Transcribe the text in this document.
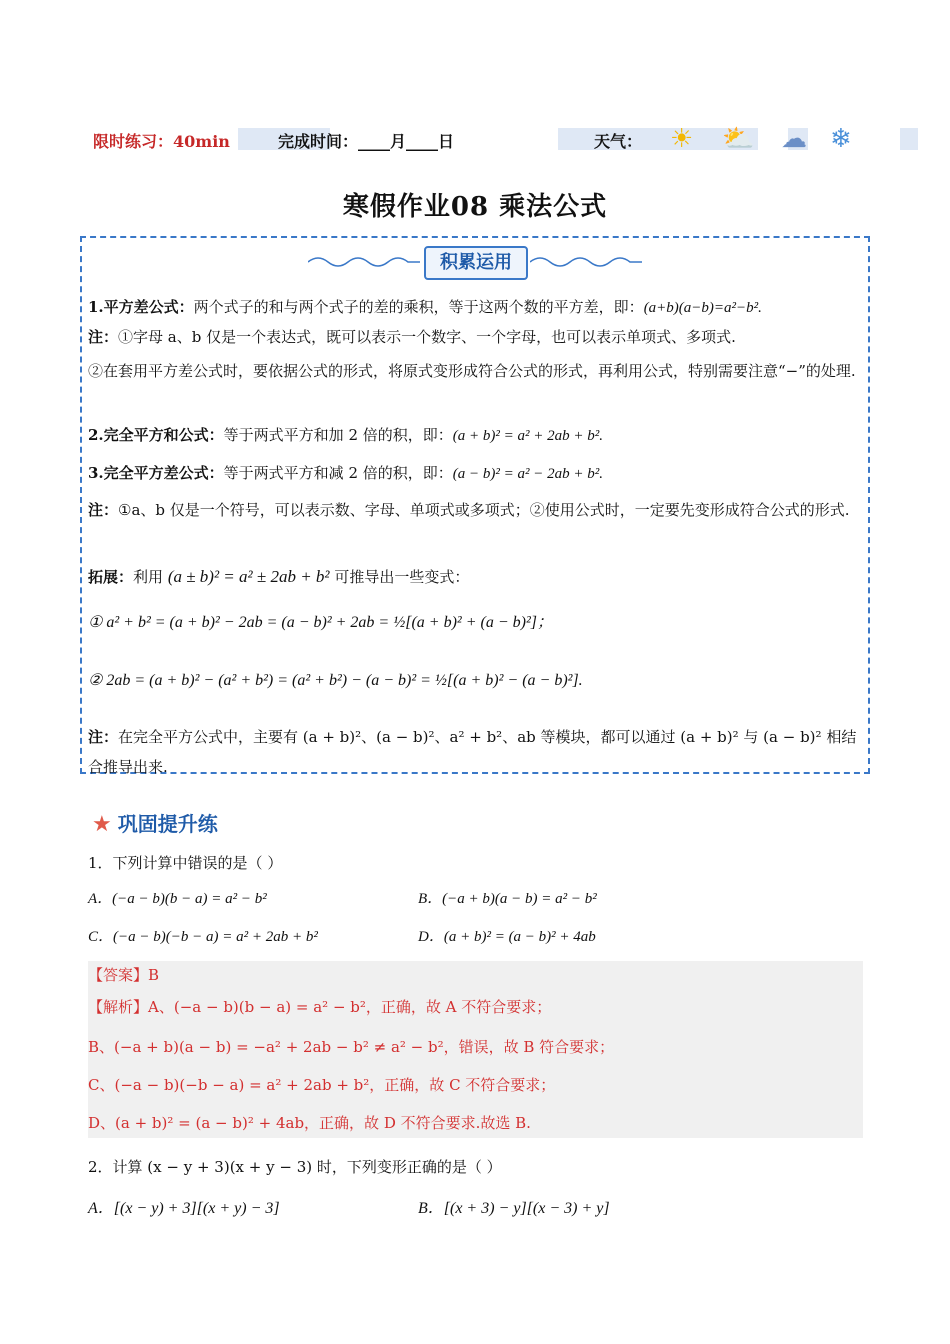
限时练习：40min	完成时间：____月____日	天气： ☀ ⛅ ☁ ❄
寒假作业08 乘法公式
积累运用
1.平方差公式：两个式子的和与两个式子的差的乘积，等于这两个数的平方差，即：(a+b)(a−b)=a²−b².
注：①字母 a、b 仅是一个表达式，既可以表示一个数字、一个字母，也可以表示单项式、多项式.
②在套用平方差公式时，要依据公式的形式，将原式变形成符合公式的形式，再利用公式，特别需要注意“−”的处理.
2.完全平方和公式：等于两式平方和加 2 倍的积，即：(a + b)² = a² + 2ab + b².
3.完全平方差公式：等于两式平方和减 2 倍的积，即：(a − b)² = a² − 2ab + b².
注：①a、b 仅是一个符号，可以表示数、字母、单项式或多项式；②使用公式时，一定要先变形成符合公式的形式.
拓展：利用 (a ± b)² = a² ± 2ab + b² 可推导出一些变式：
① a² + b² = (a + b)² − 2ab = (a − b)² + 2ab = ½[(a + b)² + (a − b)²]；
② 2ab = (a + b)² − (a² + b²) = (a² + b²) − (a − b)² = ½[(a + b)² − (a − b)²].
注：在完全平方公式中，主要有 (a + b)²、(a − b)²、a² + b²、ab 等模块，都可以通过 (a + b)² 与 (a − b)² 相结合推导出来.
★ 巩固提升练
1．下列计算中错误的是（ ）
A．(−a − b)(b − a) = a² − b²	B．(−a + b)(a − b) = a² − b²
C．(−a − b)(−b − a) = a² + 2ab + b²	D．(a + b)² = (a − b)² + 4ab
【答案】B
【解析】A、(−a − b)(b − a) = a² − b²，正确，故 A 不符合要求；
B、(−a + b)(a − b) = −a² + 2ab − b² ≠ a² − b²，错误，故 B 符合要求；
C、(−a − b)(−b − a) = a² + 2ab + b²，正确，故 C 不符合要求；
D、(a + b)² = (a − b)² + 4ab，正确，故 D 不符合要求.故选 B.
2．计算 (x − y + 3)(x + y − 3) 时，下列变形正确的是（ ）
A．[(x − y) + 3][(x + y) − 3]	B．[(x + 3) − y][(x − 3) + y]
